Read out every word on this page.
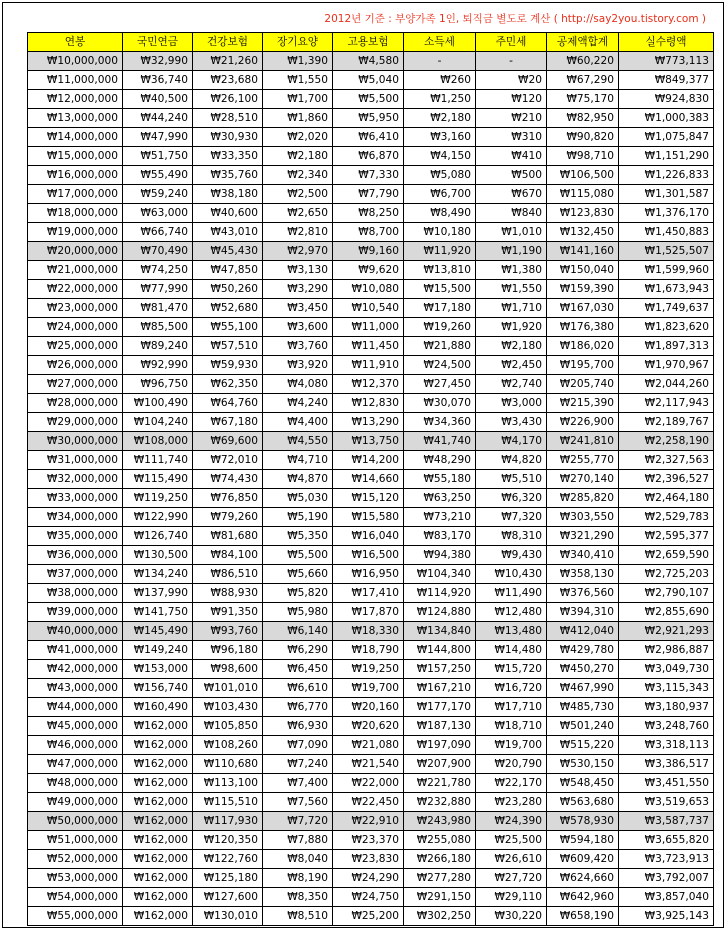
2012년 기준 : 부양가족 1인, 퇴직금 별도로 계산 ( http://say2you.tistory.com )
연봉	국민연금	건강보험	장기요양	고용보험	소득세	주민세	공제액합계	실수령액
₩10,000,000	₩32,990	₩21,260	₩1,390	₩4,580	-	-	₩60,220	₩773,113
₩11,000,000	₩36,740	₩23,680	₩1,550	₩5,040	₩260	₩20	₩67,290	₩849,377
₩12,000,000	₩40,500	₩26,100	₩1,700	₩5,500	₩1,250	₩120	₩75,170	₩924,830
₩13,000,000	₩44,240	₩28,510	₩1,860	₩5,950	₩2,180	₩210	₩82,950	₩1,000,383
₩14,000,000	₩47,990	₩30,930	₩2,020	₩6,410	₩3,160	₩310	₩90,820	₩1,075,847
₩15,000,000	₩51,750	₩33,350	₩2,180	₩6,870	₩4,150	₩410	₩98,710	₩1,151,290
₩16,000,000	₩55,490	₩35,760	₩2,340	₩7,330	₩5,080	₩500	₩106,500	₩1,226,833
₩17,000,000	₩59,240	₩38,180	₩2,500	₩7,790	₩6,700	₩670	₩115,080	₩1,301,587
₩18,000,000	₩63,000	₩40,600	₩2,650	₩8,250	₩8,490	₩840	₩123,830	₩1,376,170
₩19,000,000	₩66,740	₩43,010	₩2,810	₩8,700	₩10,180	₩1,010	₩132,450	₩1,450,883
₩20,000,000	₩70,490	₩45,430	₩2,970	₩9,160	₩11,920	₩1,190	₩141,160	₩1,525,507
₩21,000,000	₩74,250	₩47,850	₩3,130	₩9,620	₩13,810	₩1,380	₩150,040	₩1,599,960
₩22,000,000	₩77,990	₩50,260	₩3,290	₩10,080	₩15,500	₩1,550	₩159,390	₩1,673,943
₩23,000,000	₩81,470	₩52,680	₩3,450	₩10,540	₩17,180	₩1,710	₩167,030	₩1,749,637
₩24,000,000	₩85,500	₩55,100	₩3,600	₩11,000	₩19,260	₩1,920	₩176,380	₩1,823,620
₩25,000,000	₩89,240	₩57,510	₩3,760	₩11,450	₩21,880	₩2,180	₩186,020	₩1,897,313
₩26,000,000	₩92,990	₩59,930	₩3,920	₩11,910	₩24,500	₩2,450	₩195,700	₩1,970,967
₩27,000,000	₩96,750	₩62,350	₩4,080	₩12,370	₩27,450	₩2,740	₩205,740	₩2,044,260
₩28,000,000	₩100,490	₩64,760	₩4,240	₩12,830	₩30,070	₩3,000	₩215,390	₩2,117,943
₩29,000,000	₩104,240	₩67,180	₩4,400	₩13,290	₩34,360	₩3,430	₩226,900	₩2,189,767
₩30,000,000	₩108,000	₩69,600	₩4,550	₩13,750	₩41,740	₩4,170	₩241,810	₩2,258,190
₩31,000,000	₩111,740	₩72,010	₩4,710	₩14,200	₩48,290	₩4,820	₩255,770	₩2,327,563
₩32,000,000	₩115,490	₩74,430	₩4,870	₩14,660	₩55,180	₩5,510	₩270,140	₩2,396,527
₩33,000,000	₩119,250	₩76,850	₩5,030	₩15,120	₩63,250	₩6,320	₩285,820	₩2,464,180
₩34,000,000	₩122,990	₩79,260	₩5,190	₩15,580	₩73,210	₩7,320	₩303,550	₩2,529,783
₩35,000,000	₩126,740	₩81,680	₩5,350	₩16,040	₩83,170	₩8,310	₩321,290	₩2,595,377
₩36,000,000	₩130,500	₩84,100	₩5,500	₩16,500	₩94,380	₩9,430	₩340,410	₩2,659,590
₩37,000,000	₩134,240	₩86,510	₩5,660	₩16,950	₩104,340	₩10,430	₩358,130	₩2,725,203
₩38,000,000	₩137,990	₩88,930	₩5,820	₩17,410	₩114,920	₩11,490	₩376,560	₩2,790,107
₩39,000,000	₩141,750	₩91,350	₩5,980	₩17,870	₩124,880	₩12,480	₩394,310	₩2,855,690
₩40,000,000	₩145,490	₩93,760	₩6,140	₩18,330	₩134,840	₩13,480	₩412,040	₩2,921,293
₩41,000,000	₩149,240	₩96,180	₩6,290	₩18,790	₩144,800	₩14,480	₩429,780	₩2,986,887
₩42,000,000	₩153,000	₩98,600	₩6,450	₩19,250	₩157,250	₩15,720	₩450,270	₩3,049,730
₩43,000,000	₩156,740	₩101,010	₩6,610	₩19,700	₩167,210	₩16,720	₩467,990	₩3,115,343
₩44,000,000	₩160,490	₩103,430	₩6,770	₩20,160	₩177,170	₩17,710	₩485,730	₩3,180,937
₩45,000,000	₩162,000	₩105,850	₩6,930	₩20,620	₩187,130	₩18,710	₩501,240	₩3,248,760
₩46,000,000	₩162,000	₩108,260	₩7,090	₩21,080	₩197,090	₩19,700	₩515,220	₩3,318,113
₩47,000,000	₩162,000	₩110,680	₩7,240	₩21,540	₩207,900	₩20,790	₩530,150	₩3,386,517
₩48,000,000	₩162,000	₩113,100	₩7,400	₩22,000	₩221,780	₩22,170	₩548,450	₩3,451,550
₩49,000,000	₩162,000	₩115,510	₩7,560	₩22,450	₩232,880	₩23,280	₩563,680	₩3,519,653
₩50,000,000	₩162,000	₩117,930	₩7,720	₩22,910	₩243,980	₩24,390	₩578,930	₩3,587,737
₩51,000,000	₩162,000	₩120,350	₩7,880	₩23,370	₩255,080	₩25,500	₩594,180	₩3,655,820
₩52,000,000	₩162,000	₩122,760	₩8,040	₩23,830	₩266,180	₩26,610	₩609,420	₩3,723,913
₩53,000,000	₩162,000	₩125,180	₩8,190	₩24,290	₩277,280	₩27,720	₩624,660	₩3,792,007
₩54,000,000	₩162,000	₩127,600	₩8,350	₩24,750	₩291,150	₩29,110	₩642,960	₩3,857,040
₩55,000,000	₩162,000	₩130,010	₩8,510	₩25,200	₩302,250	₩30,220	₩658,190	₩3,925,143
